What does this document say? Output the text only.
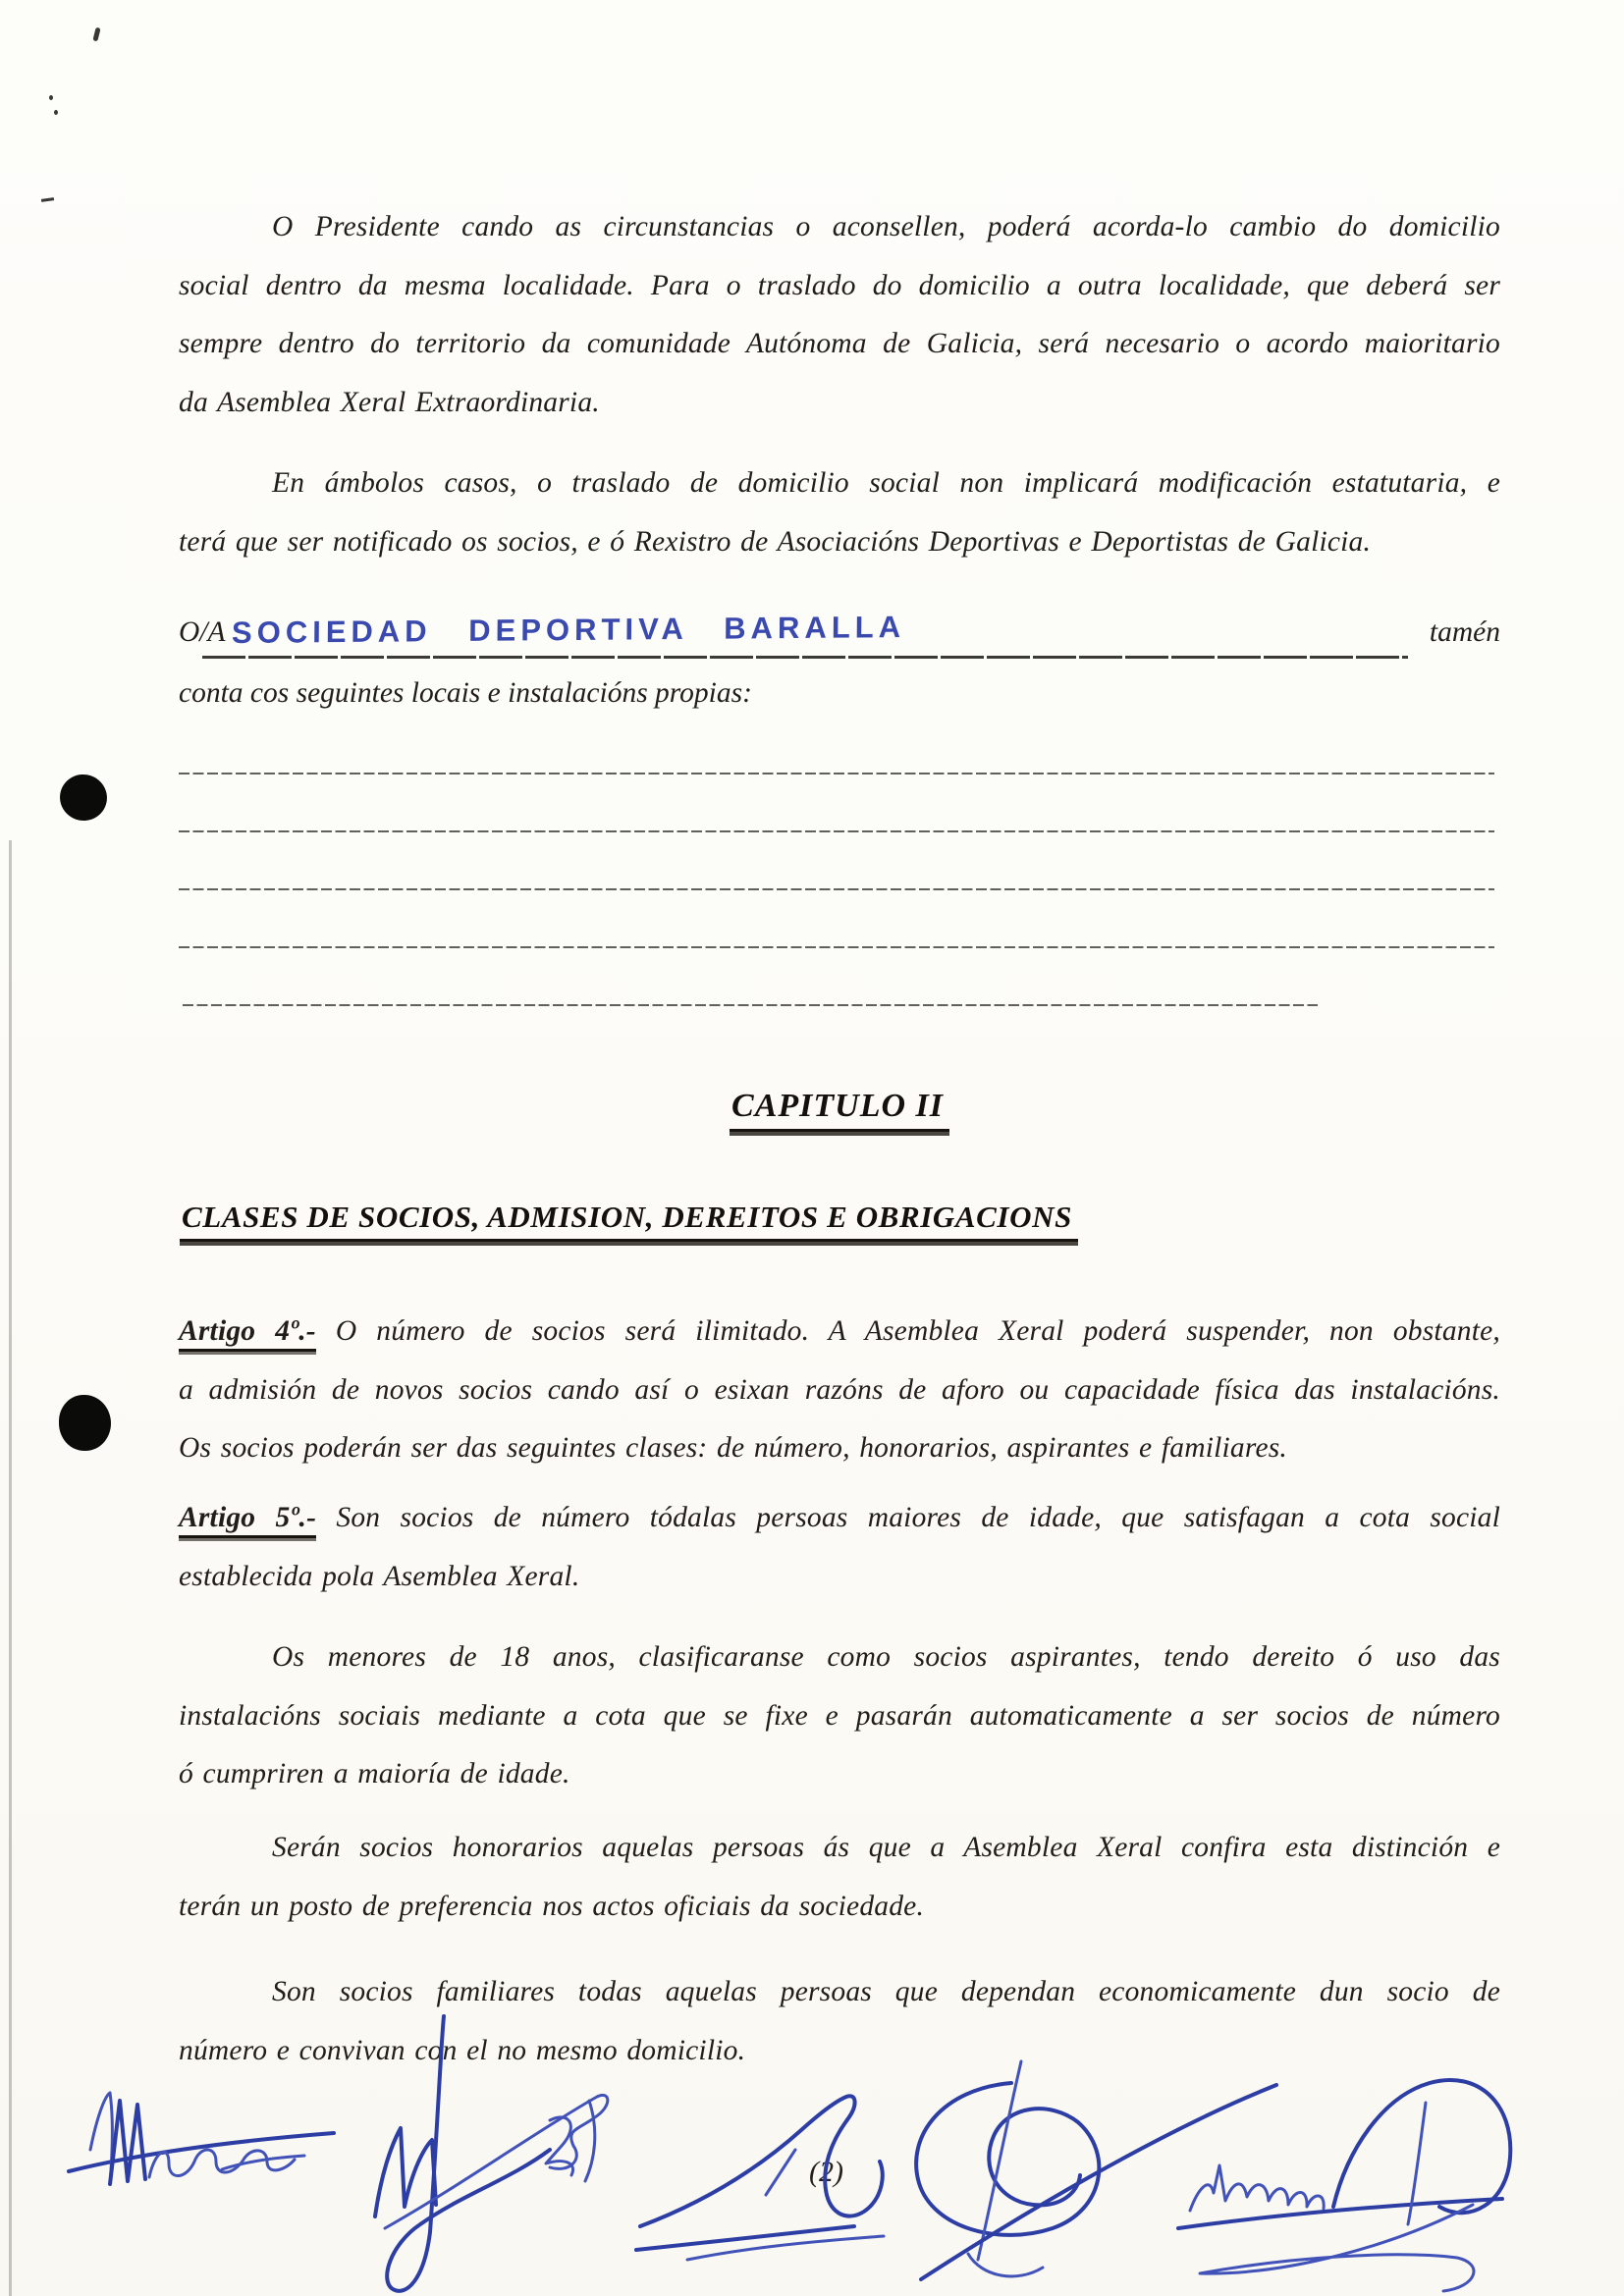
O Presidente cando as circunstancias o aconsellen, poderá acorda-lo cambio do domicilio
social dentro da mesma localidade. Para o traslado do domicilio a outra localidade, que deberá ser
sempre dentro do territorio da comunidade Autónoma de Galicia, será necesario o acordo maioritario
da Asemblea Xeral Extraordinaria.
En ámbolos casos, o traslado de domicilio social non implicará modificación estatutaria, e
terá que ser notificado os socios, e ó Rexistro de Asociacións Deportivas e Deportistas de Galicia.
O/A SOCIEDAD DEPORTIVA BARALLA	tamén
conta cos seguintes locais e instalacións propias:
CAPITULO II
CLASES DE SOCIOS, ADMISION, DEREITOS E OBRIGACIONS
Artigo 4º.- O número de socios será ilimitado. A Asemblea Xeral poderá suspender, non obstante,
a admisión de novos socios cando así o esixan razóns de aforo ou capacidade física das instalacións.
Os socios poderán ser das seguintes clases: de número, honorarios, aspirantes e familiares.
Artigo 5º.- Son socios de número tódalas persoas maiores de idade, que satisfagan a cota social
establecida pola Asemblea Xeral.
Os menores de 18 anos, clasificaranse como socios aspirantes, tendo dereito ó uso das
instalacións sociais mediante a cota que se fixe e pasarán automaticamente a ser socios de número
ó cumpriren a maioría de idade.
Serán socios honorarios aquelas persoas ás que a Asemblea Xeral confira esta distinción e
terán un posto de preferencia nos actos oficiais da sociedade.
Son socios familiares todas aquelas persoas que dependan economicamente dun socio de
número e convivan con el no mesmo domicilio.
(2)
